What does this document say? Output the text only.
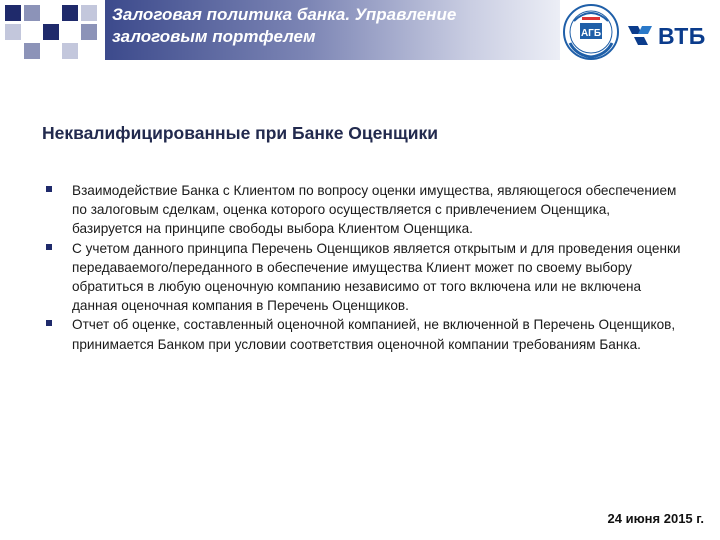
Залоговая политика банка. Управление залоговым портфелем	АГБ ВТБ
Неквалифицированные при Банке Оценщики
Взаимодействие Банка с Клиентом по вопросу оценки имущества, являющегося обеспечением по залоговым сделкам, оценка которого осуществляется с привлечением Оценщика, базируется на принципе свободы выбора Клиентом Оценщика.
С учетом данного принципа Перечень Оценщиков является открытым и для проведения оценки передаваемого/переданного в обеспечение имущества Клиент может по своему выбору обратиться в любую оценочную компанию независимо от того включена или не включена данная оценочная компания в Перечень Оценщиков.
Отчет об оценке, составленный оценочной компанией, не включенной в Перечень Оценщиков, принимается Банком при условии соответствия оценочной компании требованиям Банка.
24 июня 2015 г.
